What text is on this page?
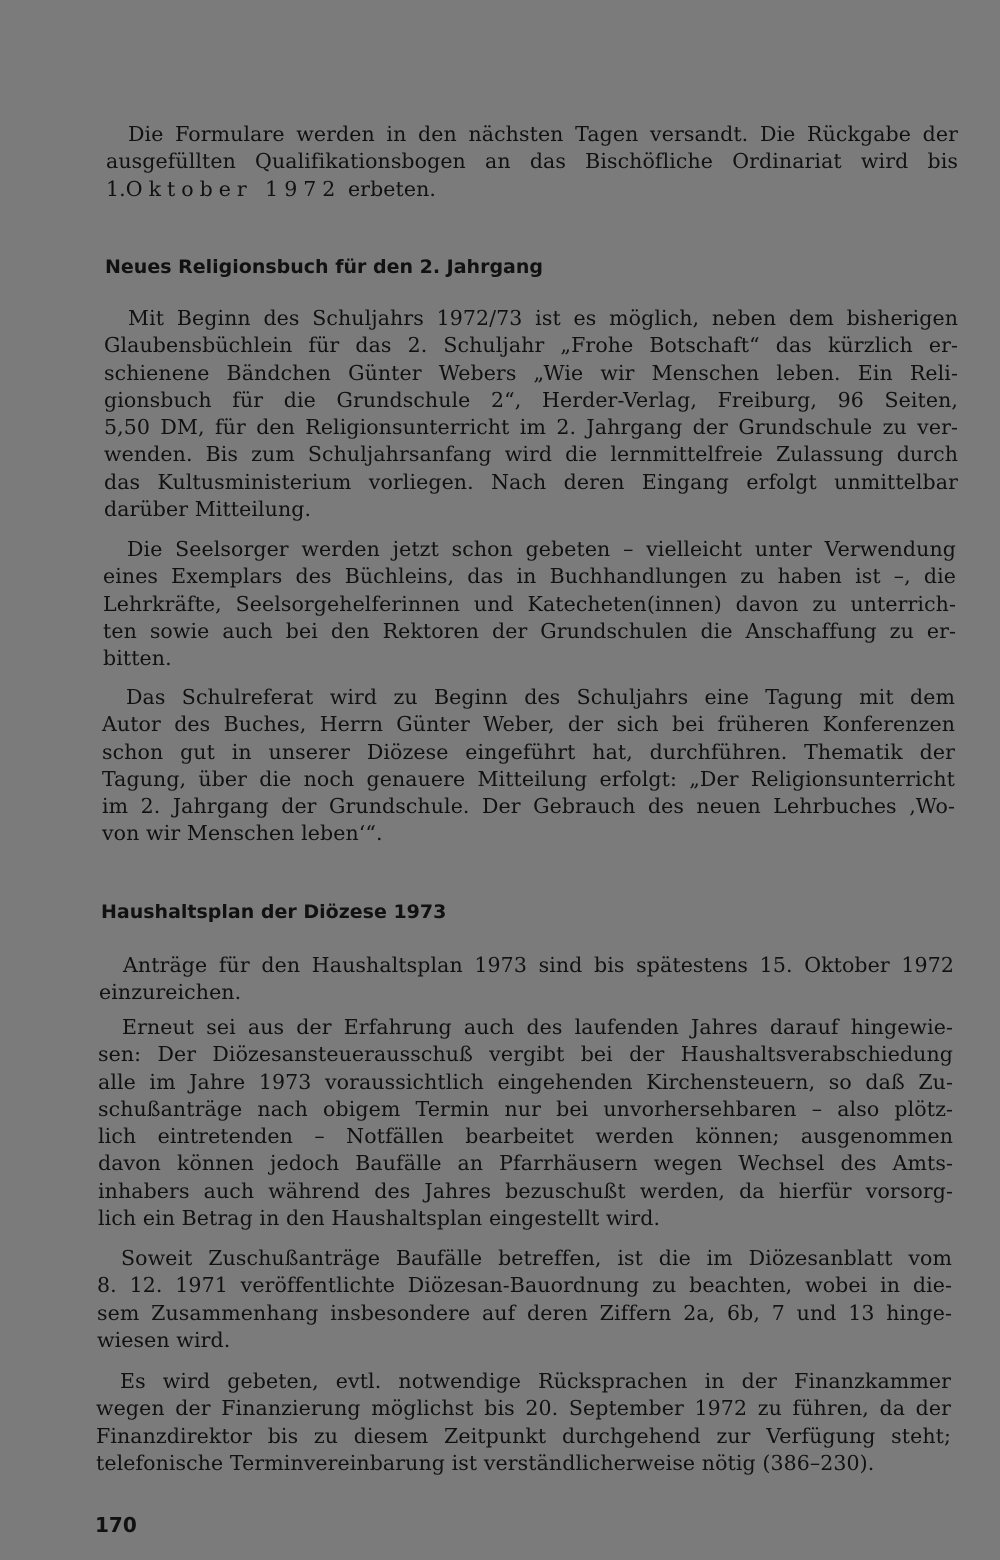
Die Formulare werden in den nächsten Tagen versandt. Die Rückgabe der
ausgefüllten Qualifikationsbogen an das Bischöfliche Ordinariat wird bis
1.Oktober 1972 erbeten.
Neues Religionsbuch für den 2. Jahrgang
Mit Beginn des Schuljahrs 1972/73 ist es möglich, neben dem bisherigen
Glaubensbüchlein für das 2. Schuljahr „Frohe Botschaft“ das kürzlich er-
schienene Bändchen Günter Webers „Wie wir Menschen leben. Ein Reli-
gionsbuch für die Grundschule 2“, Herder-Verlag, Freiburg, 96 Seiten,
5,50 DM, für den Religionsunterricht im 2. Jahrgang der Grundschule zu ver-
wenden. Bis zum Schuljahrsanfang wird die lernmittelfreie Zulassung durch
das Kultusministerium vorliegen. Nach deren Eingang erfolgt unmittelbar
darüber Mitteilung.
Die Seelsorger werden jetzt schon gebeten – vielleicht unter Verwendung
eines Exemplars des Büchleins, das in Buchhandlungen zu haben ist –, die
Lehrkräfte, Seelsorgehelferinnen und Katecheten(innen) davon zu unterrich-
ten sowie auch bei den Rektoren der Grundschulen die Anschaffung zu er-
bitten.
Das Schulreferat wird zu Beginn des Schuljahrs eine Tagung mit dem
Autor des Buches, Herrn Günter Weber, der sich bei früheren Konferenzen
schon gut in unserer Diözese eingeführt hat, durchführen. Thematik der
Tagung, über die noch genauere Mitteilung erfolgt: „Der Religionsunterricht
im 2. Jahrgang der Grundschule. Der Gebrauch des neuen Lehrbuches ‚Wo-
von wir Menschen leben‘“.
Haushaltsplan der Diözese 1973
Anträge für den Haushaltsplan 1973 sind bis spätestens 15. Oktober 1972
einzureichen.
Erneut sei aus der Erfahrung auch des laufenden Jahres darauf hingewie-
sen: Der Diözesansteuerausschuß vergibt bei der Haushaltsverabschiedung
alle im Jahre 1973 voraussichtlich eingehenden Kirchensteuern, so daß Zu-
schußanträge nach obigem Termin nur bei unvorhersehbaren – also plötz-
lich eintretenden – Notfällen bearbeitet werden können; ausgenommen
davon können jedoch Baufälle an Pfarrhäusern wegen Wechsel des Amts-
inhabers auch während des Jahres bezuschußt werden, da hierfür vorsorg-
lich ein Betrag in den Haushaltsplan eingestellt wird.
Soweit Zuschußanträge Baufälle betreffen, ist die im Diözesanblatt vom
8. 12. 1971 veröffentlichte Diözesan-Bauordnung zu beachten, wobei in die-
sem Zusammenhang insbesondere auf deren Ziffern 2a, 6b, 7 und 13 hinge-
wiesen wird.
Es wird gebeten, evtl. notwendige Rücksprachen in der Finanzkammer
wegen der Finanzierung möglichst bis 20. September 1972 zu führen, da der
Finanzdirektor bis zu diesem Zeitpunkt durchgehend zur Verfügung steht;
telefonische Terminvereinbarung ist verständlicherweise nötig (386–230).
170
